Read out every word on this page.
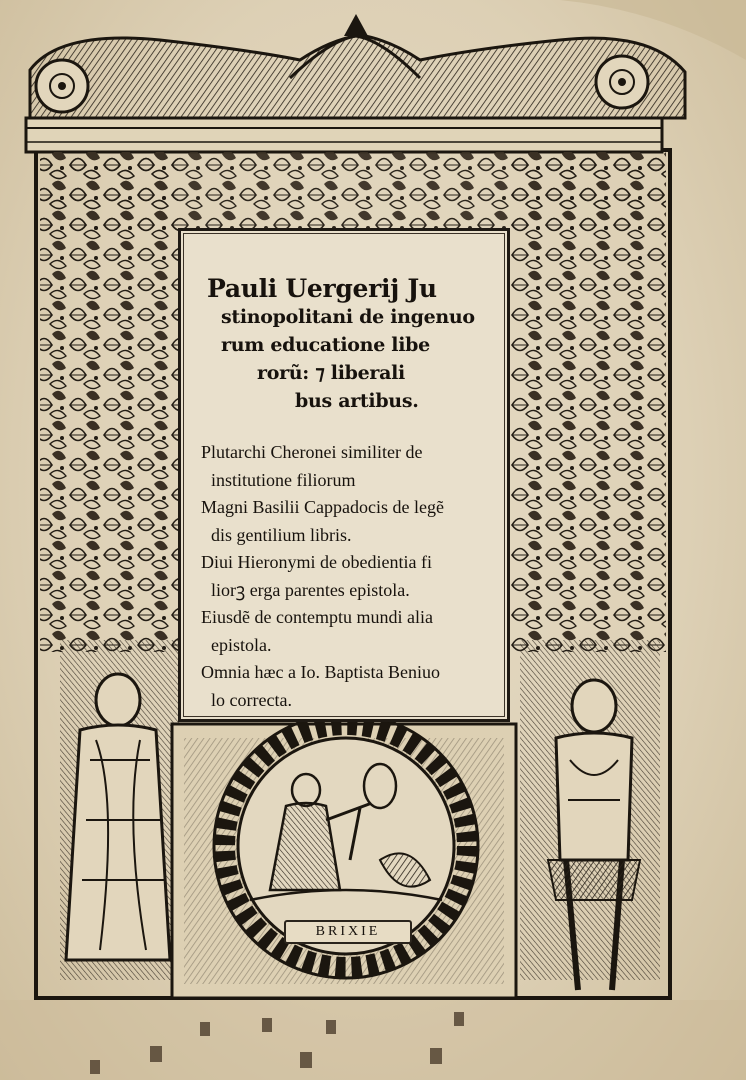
Pauli Uergerij Ju
stinopolitani de ingenuo
rum educatione libe
rorũ: ⁊ liberali
bus artibus.
Plutarchi Cheronei similiter de
institutione filiorum
Magni Basilii Cappadocis de legẽ
dis gentilium libris.
Diui Hieronymi de obedientia fi
liorꝫ erga parentes epistola.
Eiusdẽ de contemptu mundi alia
epistola.
Omnia hæc a Io. Baptista Beniuo
lo correcta.
BRIXIE
